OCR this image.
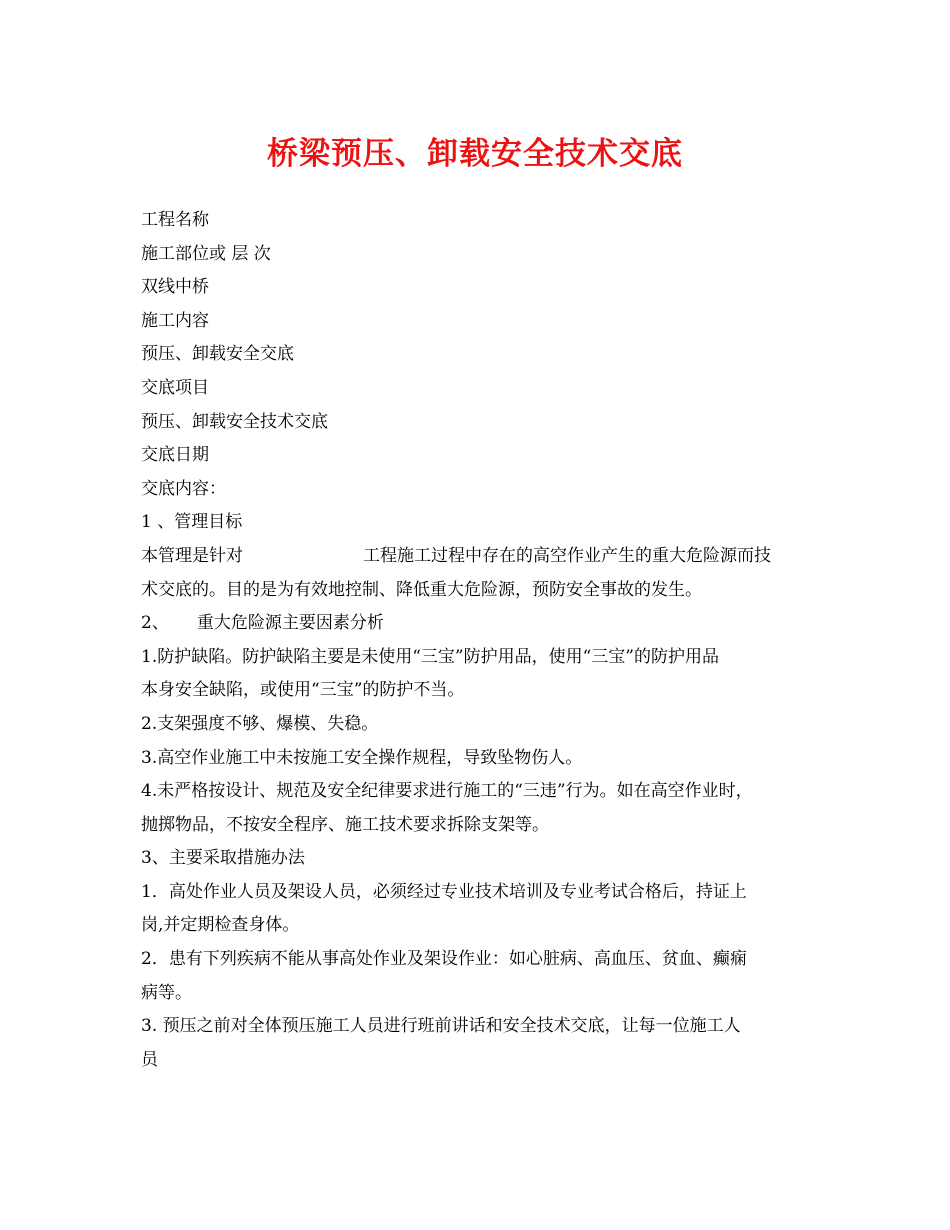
桥梁预压、卸载安全技术交底

工程名称

施工部位或 层 次

双线中桥

施工内容

预压、卸载安全交底

交底项目

预压、卸载安全技术交底

交底日期

交底内容：

1 、管理目标

本管理是针对	工程施工过程中存在的高空作业产生的重大危险源而技

术交底的。目的是为有效地控制、降低重大危险源，预防安全事故的发生。

2、 重大危险源主要因素分析

1.防护缺陷。防护缺陷主要是未使用“三宝”防护用品，使用“三宝”的防护用品

本身安全缺陷，或使用“三宝”的防护不当。

2.支架强度不够、爆模、失稳。

3.高空作业施工中未按施工安全操作规程，导致坠物伤人。

4.未严格按设计、规范及安全纪律要求进行施工的“三违”行为。如在高空作业时，

抛掷物品，不按安全程序、施工技术要求拆除支架等。

3、主要采取措施办法

1．高处作业人员及架设人员，必须经过专业技术培训及专业考试合格后，持证上

岗,并定期检查身体。

2．患有下列疾病不能从事高处作业及架设作业：如心脏病、高血压、贫血、癫痫

病等。

3. 预压之前对全体预压施工人员进行班前讲话和安全技术交底，让每一位施工人

员
